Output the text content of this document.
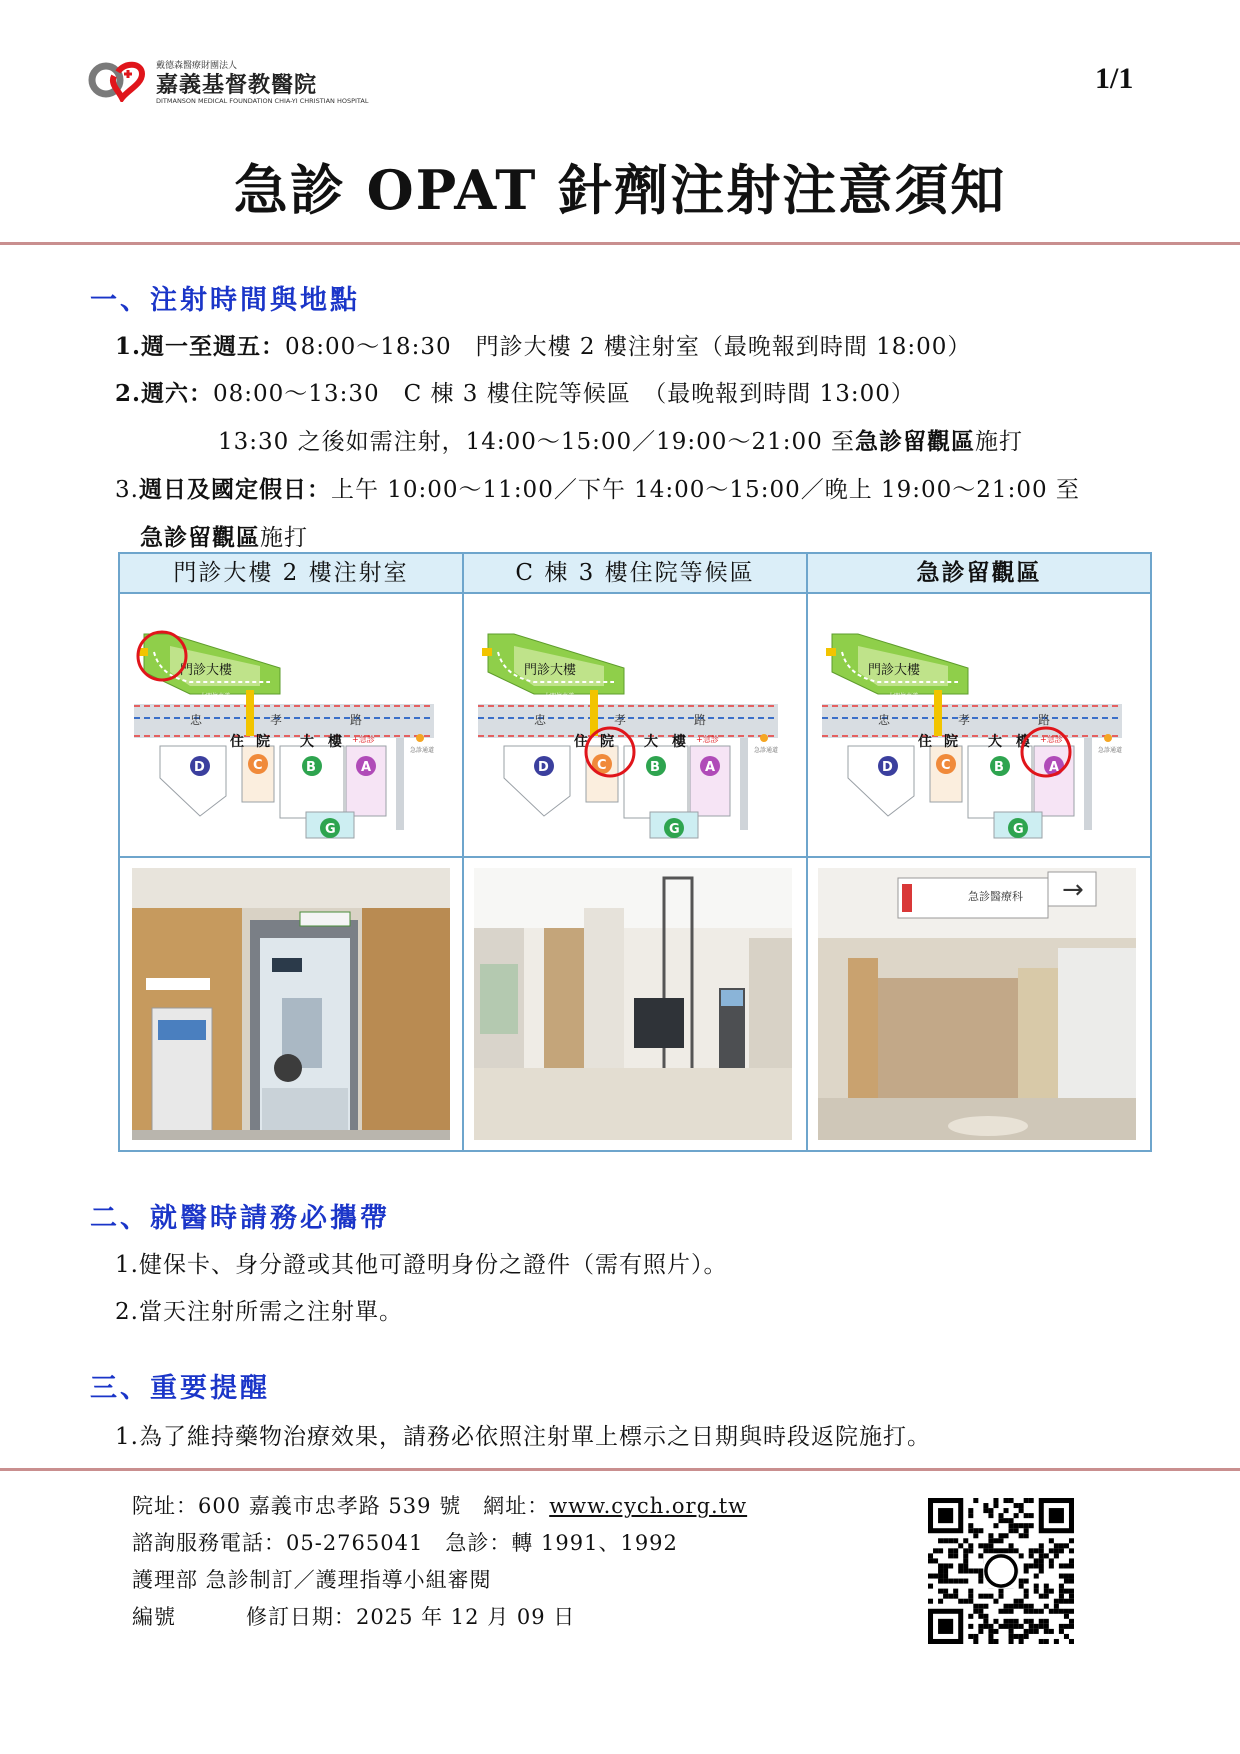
戴德森醫療財團法人
嘉義基督教醫院
DITMANSON MEDICAL FOUNDATION CHIA-YI CHRISTIAN HOSPITAL
1/1
急診 OPAT 針劑注射注意須知
一、注射時間與地點
1.週一至週五：08:00～18:30　門診大樓 2 樓注射室（最晚報到時間 18:00）
2.週六：08:00～13:30　C 棟 3 樓住院等候區　（最晚報到時間 13:00）
13:30 之後如需注射，14:00～15:00／19:00～21:00 至急診留觀區施打
3.週日及國定假日：上午 10:00～11:00／下午 14:00～15:00／晚上 19:00～21:00 至
急診留觀區施打
門診大樓 2 樓注射室	C 棟 3 樓住院等候區	急診留觀區
門診大樓
大門停車道
忠	孝	路
住 院 大 樓
D	C	B	A
G
+急診
急診通道
門診大樓
大門停車道
忠	孝	路
住 院 大 樓
D	C	B	A
G
+急診
急診通道
門診大樓
大門停車道
忠	孝	路
住 院 大 樓
D	C	B	A
G
+急診
急診通道
→
急診醫療科
二、就醫時請務必攜帶
1.健保卡、身分證或其他可證明身份之證件（需有照片）。
2.當天注射所需之注射單。
三、重要提醒
1.為了維持藥物治療效果，請務必依照注射單上標示之日期與時段返院施打。
院址：600 嘉義市忠孝路 539 號　 網址：www.cych.org.tw
諮詢服務電話：05-2765041　急診：轉 1991、1992
護理部 急診制訂／護理指導小組審閱
編號	修訂日期：2025 年 12 月 09 日
